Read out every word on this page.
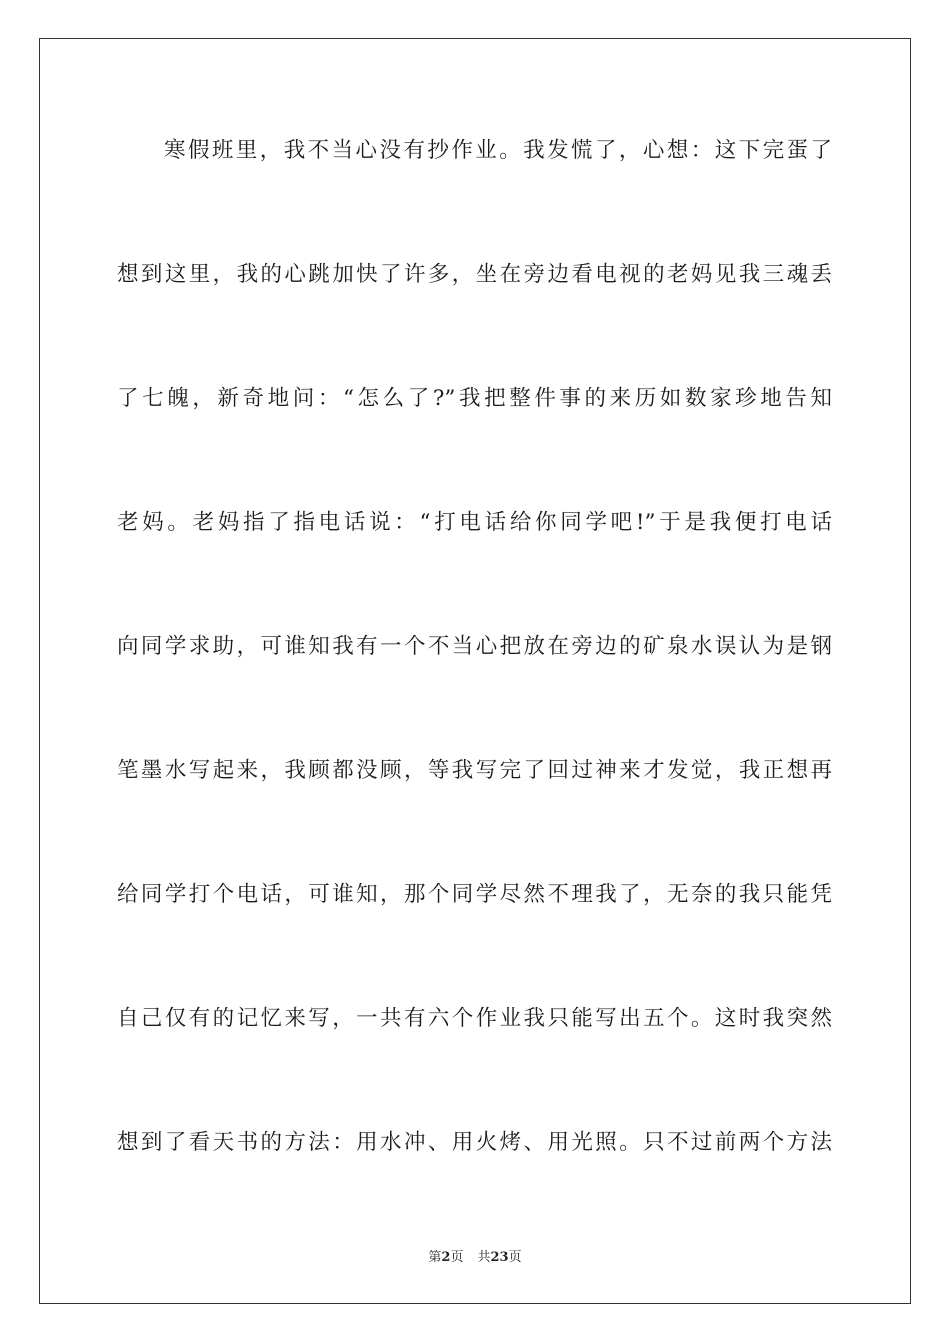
寒假班里，我不当心没有抄作业。我发慌了，心想：这下完蛋了
想到这里，我的心跳加快了许多，坐在旁边看电视的老妈见我三魂丢
了七魄，新奇地问：“怎么了?”我把整件事的来历如数家珍地告知
老妈。老妈指了指电话说：“打电话给你同学吧!”于是我便打电话
向同学求助，可谁知我有一个不当心把放在旁边的矿泉水误认为是钢
笔墨水写起来，我顾都没顾，等我写完了回过神来才发觉，我正想再
给同学打个电话，可谁知，那个同学尽然不理我了，无奈的我只能凭
自己仅有的记忆来写，一共有六个作业我只能写出五个。这时我突然
想到了看天书的方法：用水冲、用火烤、用光照。只不过前两个方法
第2页 共23页
